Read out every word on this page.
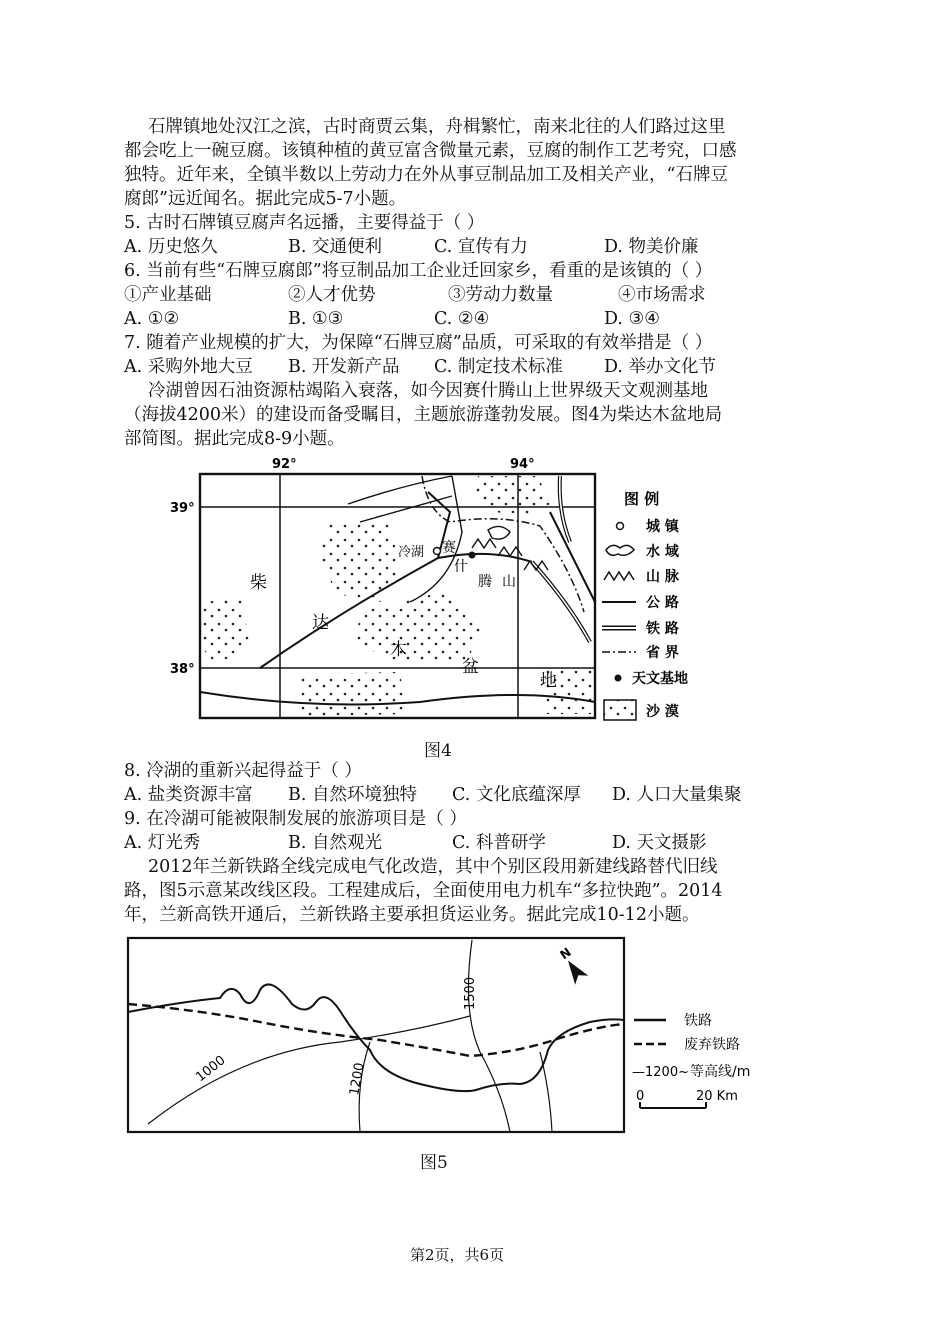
石牌镇地处汉江之滨，古时商贾云集，舟楫繁忙，南来北往的人们路过这里
都会吃上一碗豆腐。该镇种植的黄豆富含微量元素，豆腐的制作工艺考究，口感
独特。近年来，全镇半数以上劳动力在外从事豆制品加工及相关产业，“石牌豆
腐郎”远近闻名。据此完成5-7小题。
5. 古时石牌镇豆腐声名远播，主要得益于（ ）
A. 历史悠久	B. 交通便利	C. 宣传有力	D. 物美价廉
6. 当前有些“石牌豆腐郎”将豆制品加工企业迁回家乡，看重的是该镇的（ ）
①产业基础	②人才优势	③劳动力数量	④市场需求
A. ①②	B. ①③	C. ②④	D. ③④
7. 随着产业规模的扩大，为保障“石牌豆腐”品质，可采取的有效举措是（ ）
A. 采购外地大豆	B. 开发新产品	C. 制定技术标准	D. 举办文化节
冷湖曾因石油资源枯竭陷入衰落，如今因赛什腾山上世界级天文观测基地
（海拔4200米）的建设而备受瞩目，主题旅游蓬勃发展。图4为柴达木盆地局
部简图。据此完成8-9小题。
92°	94°
39°
38°
柴
达
木
盆
地
冷湖 赛
什
腾 山
图 例
城 镇
水 域
山 脉
公 路
铁 路
省 界
天文基地
沙 漠
图4
8. 冷湖的重新兴起得益于（ ）
A. 盐类资源丰富	B. 自然环境独特	C. 文化底蕴深厚	D. 人口大量集聚
9. 在冷湖可能被限制发展的旅游项目是（ ）
A. 灯光秀	B. 自然观光	C. 科普研学	D. 天文摄影
2012年兰新铁路全线完成电气化改造，其中个别区段用新建线路替代旧线
路，图5示意某改线区段。工程建成后，全面使用电力机车“多拉快跑”。2014
年，兰新高铁开通后，兰新铁路主要承担货运业务。据此完成10-12小题。
1000	1200
1500
N
铁路
废弃铁路
—1200~ 等高线/m
0	20 Km
图5
第2页，共6页
